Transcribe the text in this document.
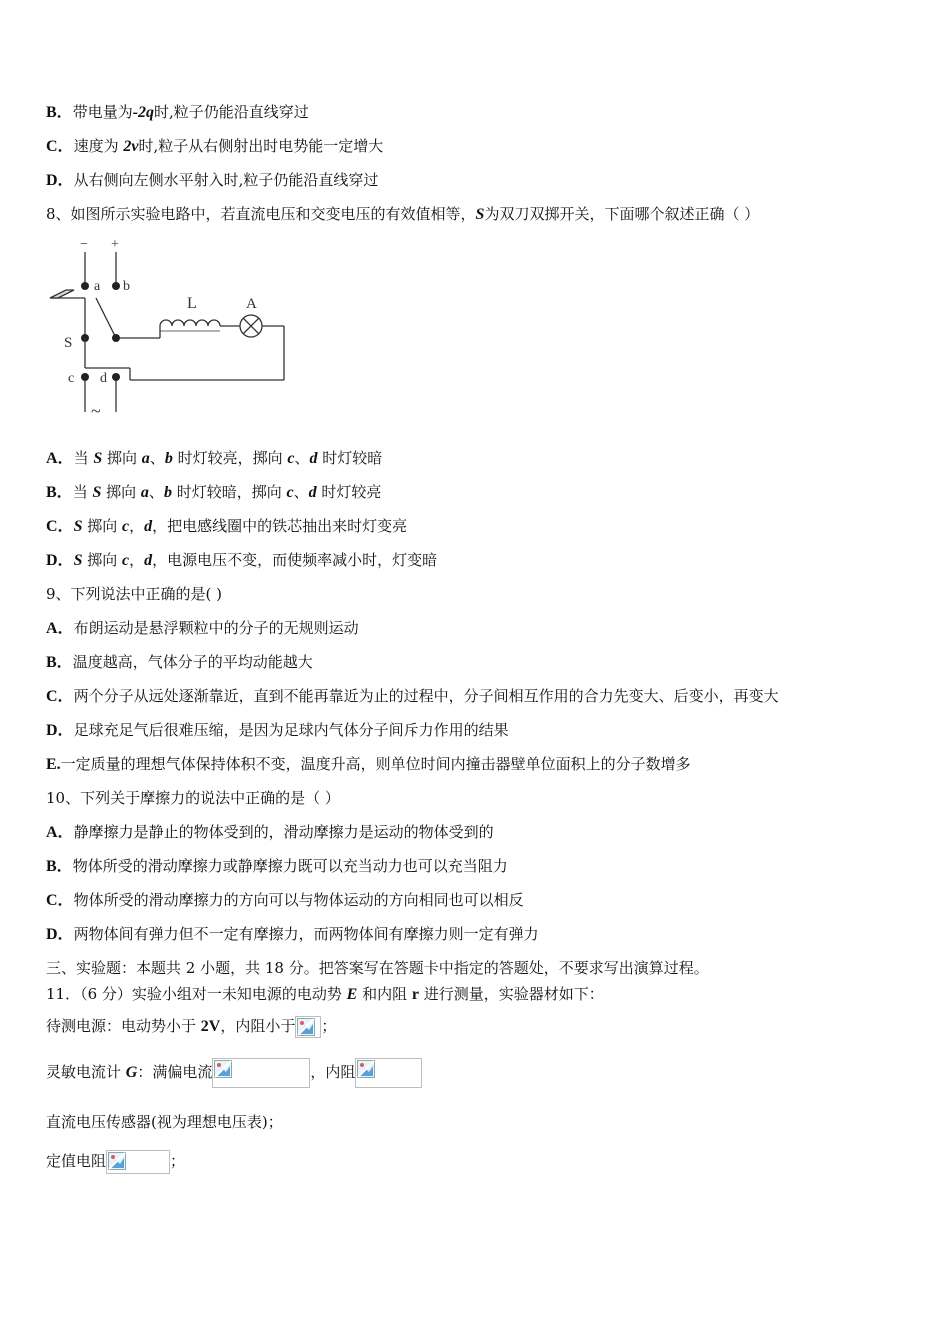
B．带电量为-2q时,粒子仍能沿直线穿过
C．速度为 2v时,粒子从右侧射出时电势能一定增大
D．从右侧向左侧水平射入时,粒子仍能沿直线穿过
8、如图所示实验电路中，若直流电压和交变电压的有效值相等，S为双刀双掷开关，下面哪个叙述正确（ ）
− +
a b
S
L	A
c d
~
A．当 S 掷向 a、b 时灯较亮，掷向 c、d 时灯较暗
B．当 S 掷向 a、b 时灯较暗，掷向 c、d 时灯较亮
C．S 掷向 c，d，把电感线圈中的铁芯抽出来时灯变亮
D．S 掷向 c，d，电源电压不变，而使频率减小时，灯变暗
9、下列说法中正确的是( )
A．布朗运动是悬浮颗粒中的分子的无规则运动
B．温度越高，气体分子的平均动能越大
C．两个分子从远处逐渐靠近，直到不能再靠近为止的过程中，分子间相互作用的合力先变大、后变小，再变大
D．足球充足气后很难压缩，是因为足球内气体分子间斥力作用的结果
E.一定质量的理想气体保持体积不变，温度升高，则单位时间内撞击器壁单位面积上的分子数增多
10、下列关于摩擦力的说法中正确的是（ ）
A．静摩擦力是静止的物体受到的，滑动摩擦力是运动的物体受到的
B．物体所受的滑动摩擦力或静摩擦力既可以充当动力也可以充当阻力
C．物体所受的滑动摩擦力的方向可以与物体运动的方向相同也可以相反
D．两物体间有弹力但不一定有摩擦力，而两物体间有摩擦力则一定有弹力
三、实验题：本题共 2 小题，共 18 分。把答案写在答题卡中指定的答题处，不要求写出演算过程。
11．（6 分）实验小组对一未知电源的电动势 E 和内阻 r 进行测量，实验器材如下：
待测电源：电动势小于 2V，内阻小于 ；
灵敏电流计 G：满偏电流	，内阻
直流电压传感器(视为理想电压表)；
定值电阻	；
